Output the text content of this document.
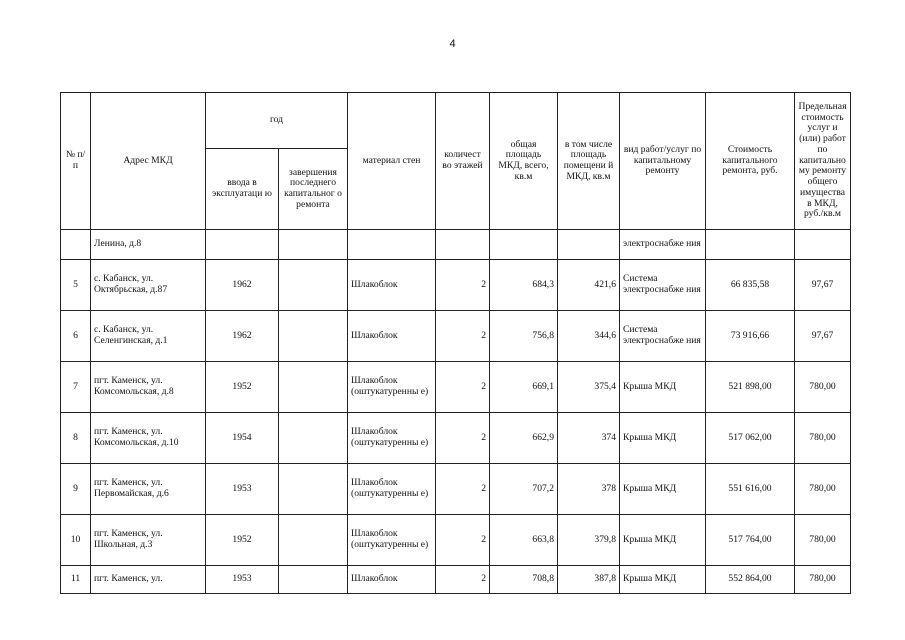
4
№ п/п	Адрес МКД	год		материал стен	количест во этажей	общая площадь МКД, всего, кв.м	в том числе площадь помещени й МКД, кв.м	вид работ/услуг по капитальному ремонту	Стоимость капитального ремонта, руб.	Предельная стоимость услуг и (или) работ по капитально му ремонту общего имущества в МКД, руб./кв.м
		ввода в эксплуатаци ю	завершения последнего капитальног о ремонта							
	Ленина, д.8							электроснабже ния		
5	с. Кабанск, ул. Октябрьская, д.87	1962		Шлакоблок	2	684,3	421,6	Система электроснабже ния	66 835,58	97,67
6	с. Кабанск, ул. Селенгинская, д.1	1962		Шлакоблок	2	756,8	344,6	Система электроснабже ния	73 916,66	97,67
7	пгт. Каменск, ул. Комсомольская, д.8	1952		Шлакоблок (оштукатуренны е)	2	669,1	375,4	Крыша МКД	521 898,00	780,00
8	пгт. Каменск, ул. Комсомольская, д.10	1954		Шлакоблок (оштукатуренны е)	2	662,9	374	Крыша МКД	517 062,00	780,00
9	пгт. Каменск, ул. Первомайская, д.6	1953		Шлакоблок (оштукатуренны е)	2	707,2	378	Крыша МКД	551 616,00	780,00
10	пгт. Каменск, ул. Школьная, д.3	1952		Шлакоблок (оштукатуренны е)	2	663,8	379,8	Крыша МКД	517 764,00	780,00
11	пгт. Каменск, ул.	1953		Шлакоблок	2	708,8	387,8	Крыша МКД	552 864,00	780,00
